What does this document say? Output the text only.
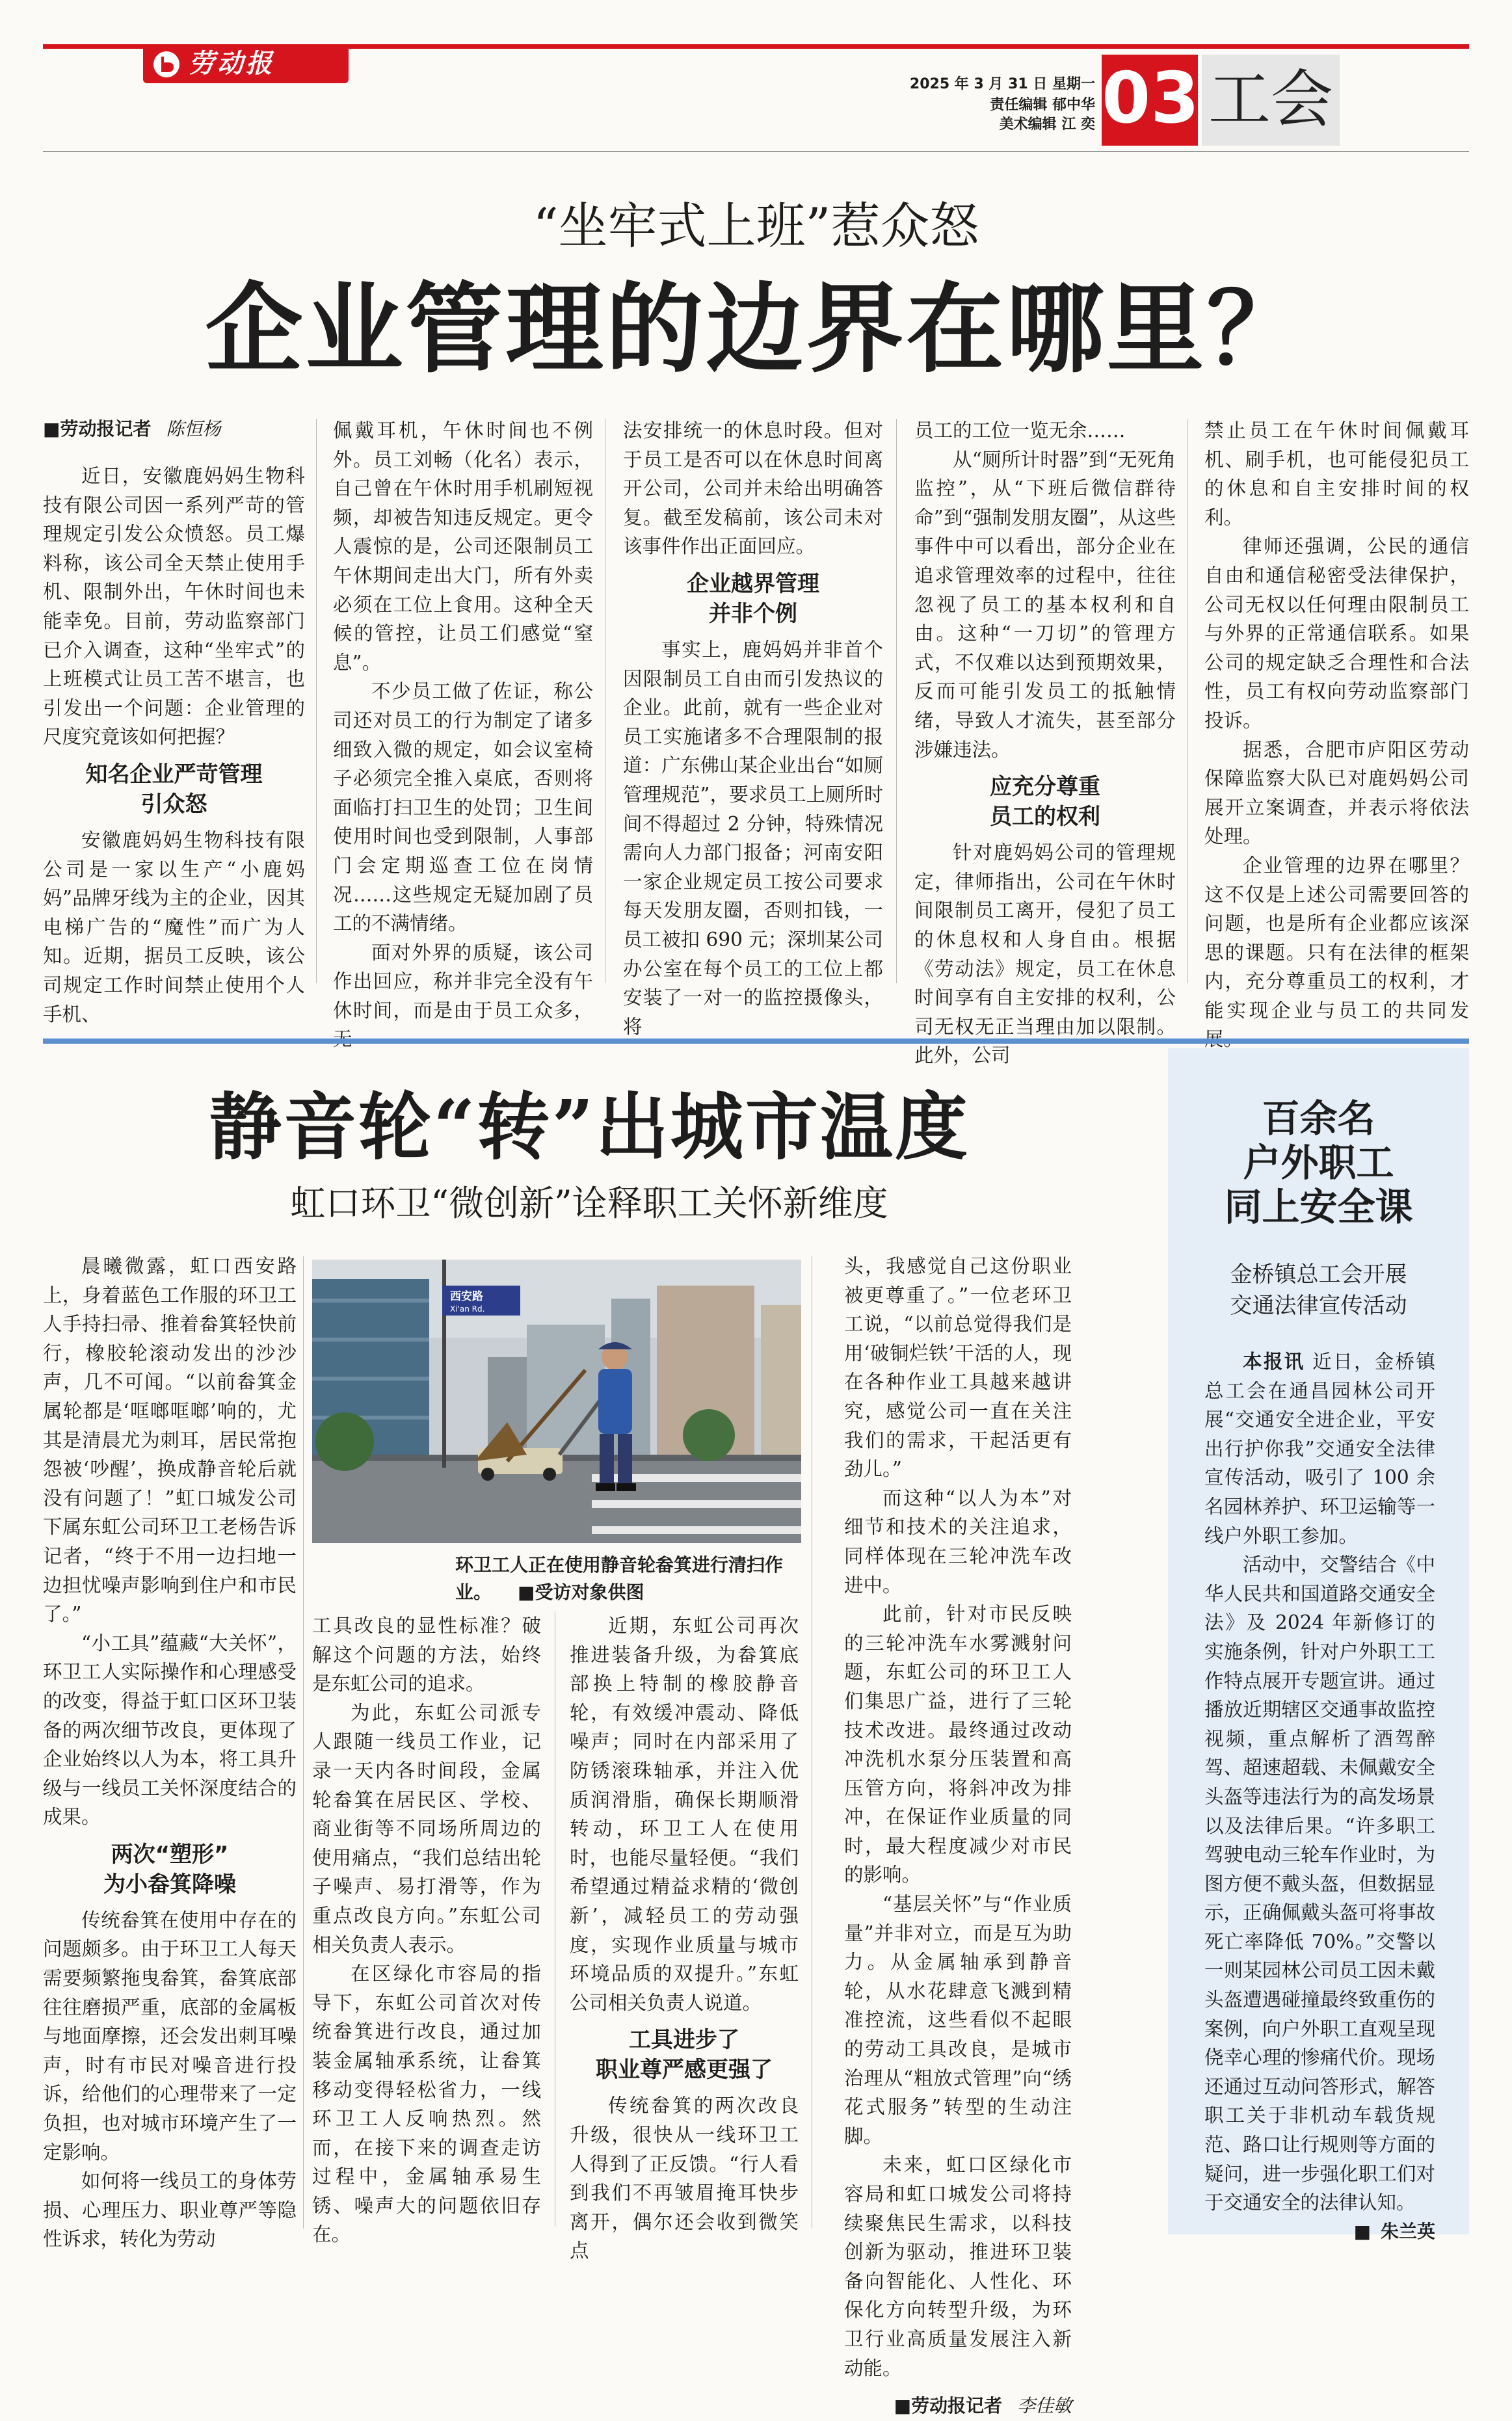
劳动报
2025 年 3 月 31 日 星期一
责任编辑 郁中华
美术编辑 江 奕 03 工会
“坐牢式上班”惹众怒
企业管理的边界在哪里？
■劳动报记者 陈恒杨

近日，安徽鹿妈妈生物科技有限公司因一系列严苛的管理规定引发公众愤怒。员工爆料称，该公司全天禁止使用手机、限制外出，午休时间也未能幸免。目前，劳动监察部门已介入调查，这种“坐牢式”的上班模式让员工苦不堪言，也引发出一个问题：企业管理的尺度究竟该如何把握？

知名企业严苛管理
引众怒

安徽鹿妈妈生物科技有限公司是一家以生产“小鹿妈妈”品牌牙线为主的企业，因其电梯广告的“魔性”而广为人知。近期，据员工反映，该公司规定工作时间禁止使用个人手机、

佩戴耳机，午休时间也不例外。员工刘畅（化名）表示，自己曾在午休时用手机刷短视频，却被告知违反规定。更令人震惊的是，公司还限制员工午休期间走出大门，所有外卖必须在工位上食用。这种全天候的管控，让员工们感觉“窒息”。

不少员工做了佐证，称公司还对员工的行为制定了诸多细致入微的规定，如会议室椅子必须完全推入桌底，否则将面临打扫卫生的处罚；卫生间使用时间也受到限制，人事部门会定期巡查工位在岗情况……这些规定无疑加剧了员工的不满情绪。

面对外界的质疑，该公司作出回应，称并非完全没有午休时间，而是由于员工众多，

法安排统一的休息时段。但对于员工是否可以在休息时间离开公司，公司并未给出明确答复。截至发稿前，该公司未对该事件作出正面回应。

企业越界管理
并非个例

事实上，鹿妈妈并非首个因限制员工自由而引发热议的企业。此前，就有一些企业对员工实施诸多不合理限制的报道：广东佛山某企业出台“如厕管理规范”，要求员工上厕所时间不得超过 2 分钟，特殊情况需向人力部门报备；河南安阳一家企业规定员工按公司要求每天发朋友圈，否则扣钱，一员工被扣 690 元；深圳某公司办公室在每个员工的工位上都安装了一对一的监控摄像头，将

员工的工位一览无余……

从“厕所计时器”到“无死角监控”，从“下班后微信群待命”到“强制发朋友圈”，从这些事件中可以看出，部分企业在追求管理效率的过程中，往往忽视了员工的基本权利和自由。这种“一刀切”的管理方式，不仅难以达到预期效果，反而可能引发员工的抵触情绪，导致人才流失，甚至部分涉嫌违法。

应充分尊重
员工的权利

针对鹿妈妈公司的管理规定，律师指出，公司在午休时间限制员工离开，侵犯了员工的休息权和人身自由。根据《劳动法》规定，员工在休息时间享有自主安排的权利，公司无权无正当理由加以限制。此外，公司

禁止员工在午休时间佩戴耳机、刷手机，也可能侵犯员工的休息和自主安排时间的权利。

律师还强调，公民的通信自由和通信秘密受法律保护，公司无权以任何理由限制员工与外界的正常通信联系。如果公司的规定缺乏合理性和合法性，员工有权向劳动监察部门投诉。

据悉，合肥市庐阳区劳动保障监察大队已对鹿妈妈公司展开立案调查，并表示将依法处理。

企业管理的边界在哪里？这不仅是上述公司需要回答的问题，也是所有企业都应该深思的课题。只有在法律的框架内，充分尊重员工的权利，才能实现企业与员工的共同发

静音轮“转”出城市温度
虹口环卫“微创新”诠释职工关怀新维度
西安路
Xi'an Rd.
环卫工人正在使用静音轮畚箕进行清扫作业。 ■受访对象供图

晨曦微露，虹口西安路上，身着蓝色工作服的环卫工人手持扫帚、推着畚箕轻快前行，橡胶轮滚动发出的沙沙声，几不可闻。“以前畚箕金属轮都是‘哐啷哐啷’响的，尤其是清晨尤为刺耳，居民常抱怨被‘吵醒’，换成静音轮后就没有问题了！”虹口城发公司下属东虹公司环卫工老杨告诉记者，“终于不用一边扫地一边担忧噪声影响到住户和市民了。”

“小工具”蕴藏“大关怀”，环卫工人实际操作和心理感受的改变，得益于虹口区环卫装备的两次细节改良，更体现了企业始终以人为本，将工具升级与一线员工关怀深度结合的成果。

两次“塑形”
为小畚箕降噪

传统畚箕在使用中存在的问题颇多。由于环卫工人每天需要频繁拖曳畚箕，畚箕底部往往磨损严重，底部的金属板与地面摩擦，还会发出刺耳噪声，时有市民对噪音进行投诉，给他们的心理带来了一定负担，也对城市环境产生了一定影响。

如何将一线员工的身体劳损、心理压力、职业尊严等隐性诉求，转化为劳动

工具改良的显性标准？破解这个问题的方法，始终是东虹公司的追求。

为此，东虹公司派专人跟随一线员工作业，记录一天内各时间段，金属轮畚箕在居民区、学校、商业街等不同场所周边的使用痛点，“我们总结出轮子噪声、易打滑等，作为重点改良方向。”东虹公司相关负责人表示。

在区绿化市容局的指导下，东虹公司首次对传统畚箕进行改良，通过加装金属轴承系统，让畚箕移动变得轻松省力，一线环卫工人反响热烈。然而，在接下来的调查走访过程中，金属轴承易生锈、噪声大的问题依旧存在。

近期，东虹公司再次推进装备升级，为畚箕底部换上特制的橡胶静音轮，有效缓冲震动、降低噪声；同时在内部采用了防锈滚珠轴承，并注入优质润滑脂，确保长期顺滑转动，环卫工人在使用时，也能尽量轻便。“我们希望通过精益求精的‘微创新’，减轻员工的劳动强度，实现作业质量与城市环境品质的双提升。”东虹公司相关负责人说道。

工具进步了
职业尊严感更强了

传统畚箕的两次改良升级，很快从一线环卫工人得到了正反馈。“行人看到我们不再皱眉掩耳快步离开，偶尔还会收到微笑点

头，我感觉自己这份职业被更尊重了。”一位老环卫工说，“以前总觉得我们是用‘破铜烂铁’干活的人，现在各种作业工具越来越讲究，感觉公司一直在关注我们的需求，干起活更有劲儿。”

而这种“以人为本”对细节和技术的关注追求，同样体现在三轮冲洗车改进中。

此前，针对市民反映的三轮冲洗车水雾溅射问题，东虹公司的环卫工人们集思广益，进行了三轮技术改进。最终通过改动冲洗机水泵分压装置和高压管方向，将斜冲改为排冲，在保证作业质量的同时，最大程度减少对市民的影响。

“基层关怀”与“作业质量”并非对立，而是互为助力。从金属轴承到静音轮，从水花肆意飞溅到精准控流，这些看似不起眼的劳动工具改良，是城市治理从“粗放式管理”向“绣花式服务”转型的生动注脚。

未来，虹口区绿化市容局和虹口城发公司将持续聚焦民生需求，以科技创新为驱动，推进环卫装备向智能化、人性化、环保化方向转型升级，为环卫行业高质量发展注入新动能。

■劳动报记者 李佳敏
百余名
户外职工
同上安全课
金桥镇总工会开展
交通法律宣传活动

本报讯 近日，金桥镇总工会在通昌园林公司开展“交通安全进企业，平安出行护你我”交通安全法律宣传活动，吸引了 100 余名园林养护、环卫运输等一线户外职工参加。

活动中，交警结合《中华人民共和国道路交通安全法》及 2024 年新修订的实施条例，针对户外职工工作特点展开专题宣讲。通过播放近期辖区交通事故监控视频，重点解析了酒驾醉驾、超速超载、未佩戴安全头盔等违法行为的高发场景以及法律后果。“许多职工驾驶电动三轮车作业时，为图方便不戴头盔，但数据显示，正确佩戴头盔可将事故死亡率降低 70%。”交警以一则某园林公司员工因未戴头盔遭遇碰撞最终致重伤的案例，向户外职工直观呈现侥幸心理的惨痛代价。现场还通过互动问答形式，解答职工关于非机动车载货规范、路口让行规则等方面的疑问，进一步强化职工们对于交通安全的法律认知。

■ 朱兰英
